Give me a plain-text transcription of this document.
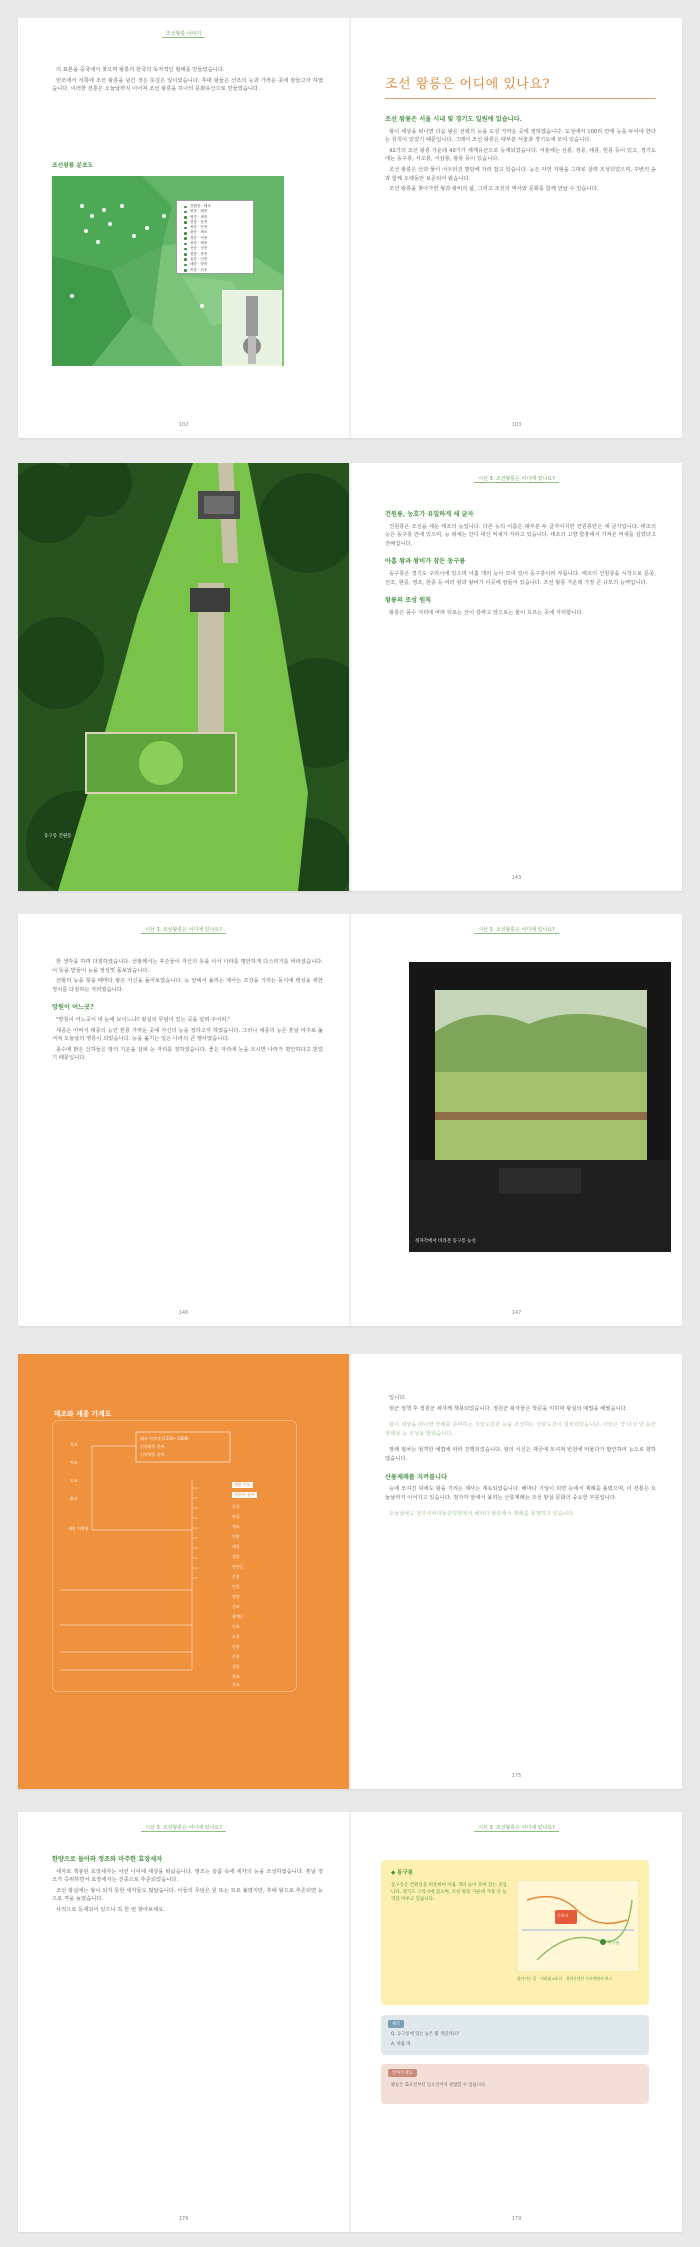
조선왕릉 이야기

의 표본을 중국에서 찾으며 왕릉의 한국의 독자적인 형태를 만들었습니다.

빈조에서 서쪽에 조선 왕릉을 남긴 것은 뜻깊은 일이었습니다. 후대 왕들은 선조의 능과 가까운 곳에 잠들고자 하였습니다. 이러한 전통은 오늘날까지 이어져 조선 왕릉을 하나의 문화유산으로 만들었습니다.

조선왕릉 분포도
건원릉 · 태조
헌릉 · 태종
영릉 · 세종
현릉 · 문종
장릉 · 단종
광릉 · 세조
경릉 · 덕종
창릉 · 예종
선릉 · 성종
정릉 · 중종
효릉 · 인종
태릉 · 명종
목릉 · 선조
102
조선 왕릉은 어디에 있나요?
조선 왕릉은 서울 시내 및 경기도 일원에 있습니다.

왕이 세상을 떠나면 다음 왕은 선왕의 능을 도성 가까운 곳에 정하였습니다. 도성에서 100리 안에 능을 두어야 한다는 원칙이 있었기 때문입니다. 그래서 조선 왕릉은 대부분 서울과 경기도에 모여 있습니다.

42기의 조선 왕릉 가운데 40기가 세계유산으로 등재되었습니다. 서울에는 선릉, 정릉, 태릉, 헌릉 등이 있고, 경기도에는 동구릉, 서오릉, 서삼릉, 광릉 등이 있습니다.

조선 왕릉은 산과 물이 어우러진 명당에 자리 잡고 있습니다. 능은 자연 지형을 그대로 살려 조성되었으며, 주변의 숲과 함께 오랫동안 보존되어 왔습니다.

조선 왕릉을 찾아가면 왕과 왕비의 삶, 그리고 조선의 역사와 문화를 함께 만날 수 있습니다.

103
동구릉 건원릉
시선 3. 조선왕릉은 어디에 있나요?
건원릉, 능호가 유일하게 세 글자

건원릉은 조선을 세운 태조의 능입니다. 다른 능의 이름은 대부분 두 글자이지만 건원릉만은 세 글자입니다. 태조의 능은 동구릉 안에 있으며, 능 위에는 잔디 대신 억새가 자라고 있습니다. 태조의 고향 함흥에서 가져온 억새를 심었다고 전해집니다.

아홉 왕과 왕비가 잠든 동구릉

동구릉은 경기도 구리시에 있으며 아홉 개의 능이 모여 있어 동구릉이라 부릅니다. 태조의 건원릉을 시작으로 문종, 선조, 현종, 영조, 헌종 등 여러 왕과 왕비가 이곳에 잠들어 있습니다. 조선 왕릉 가운데 가장 큰 규모의 능역입니다.

왕릉의 조성 원칙

왕릉은 풍수 지리에 따라 뒤로는 산이 감싸고 앞으로는 물이 흐르는 곳에 자리합니다.

143
시선 3. 조선왕릉은 어디에 있나요?

한 생각을 하며 다짐하였습니다. 선왕께서는 후손들이 자신의 뜻을 이어 나라를 평안하게 다스리기를 바라셨습니다. 이 뜻을 받들어 능을 정성껏 돌보았습니다.

선왕의 능을 찾을 때마다 왕은 자신을 돌아보았습니다. 능 앞에서 올리는 제사는 조상을 기리는 동시에 백성을 위한 정치를 다짐하는 자리였습니다.

망원이 어느곳?

"망원이 어느곳이 내 눈에 보이느냐? 왕실의 무덤이 있는 곳을 알려 주어라."

세종은 아버지 태종의 능인 헌릉 가까운 곳에 자신의 능을 정하고자 하였습니다. 그러나 세종의 능은 훗날 여주로 옮겨져 오늘날의 영릉이 되었습니다. 능을 옮기는 일은 나라의 큰 행사였습니다.

풍수에 밝은 신하들은 땅의 기운을 살펴 능 자리를 정하였습니다. 좋은 자리에 능을 모시면 나라가 평안하다고 믿었기 때문입니다.

146
시선 3. 조선왕릉은 어디에 있나요?
정자각에서 바라본 동구릉 능선
147
태조와 세종 가계도
태조 이성계 (1335~1408)
신의왕후 한씨
신덕왕후 강씨
목조
익조
도조
환조
태종 이방원
세종 이도
세종비 심씨
문종
단종
세조
덕종
예종
성종
연산군
중종
인종
명종
선조
광해군
인조
효종
현종
숙종
경종
영조
정조

입니다.

현군 정책 후 정원군 세자께 책봉되었습니다. 정원군 왕자들은 학문을 익히며 왕실의 예법을 배웠습니다.

왕이 세상을 떠나면 장례를 준비하는 국장도감과 능을 조성하는 산릉도감이 설치되었습니다. 이들은 약 다섯 달 동안 장례와 능 조성을 맡았습니다.

장례 절차는 엄격한 예법에 따라 진행되었습니다. 왕의 시신은 재궁에 모셔져 빈전에 머물다가 발인하여 능으로 향하였습니다.

산릉제례를 지켜봅니다

능에 모셔진 뒤에도 왕을 기리는 제사는 계속되었습니다. 해마다 기일이 되면 능에서 제례를 올렸으며, 이 전통은 오늘날까지 이어지고 있습니다. 정자각 앞에서 올리는 산릉제례는 조선 왕실 문화의 중요한 부분입니다.

오늘날에도 전주이씨대동종약원에서 해마다 왕릉에서 제례를 봉행하고 있습니다.

175
시선 3. 조선왕릉은 어디에 있나요?
한양으로 돌아와 정조와 마주한 효장세자

세자로 책봉된 효장세자는 어린 나이에 세상을 떠났습니다. 영조는 슬픔 속에 세자의 능을 조성하였습니다. 훗날 정조가 즉위하면서 효장세자는 진종으로 추존되었습니다.

조선 왕실에는 왕이 되지 못한 세자들도 많았습니다. 이들의 무덤은 원 또는 묘로 불렸지만, 후에 왕으로 추존되면 능으로 격을 높였습니다.

사적으로 등재되어 있으니 꼭 한 번 찾아보세요.

178
시선 3. 조선왕릉은 어디에 있나요?
◆ 동구릉
동구릉은 건원릉을 비롯하여 아홉 개의 능이 모여 있는 곳입니다. 경기도 구리시에 있으며, 조선 왕릉 가운데 가장 큰 능역을 이루고 있습니다.
구리시
동구릉
찾아가는 길 · 지하철 6호선 · 경의중앙선 구리역에서 버스
퀴즈
Q. 동구릉에 있는 능은 몇 개일까요?
A. 아홉 개
알아두세요
왕릉은 화요일부터 일요일까지 관람할 수 있습니다.
179
